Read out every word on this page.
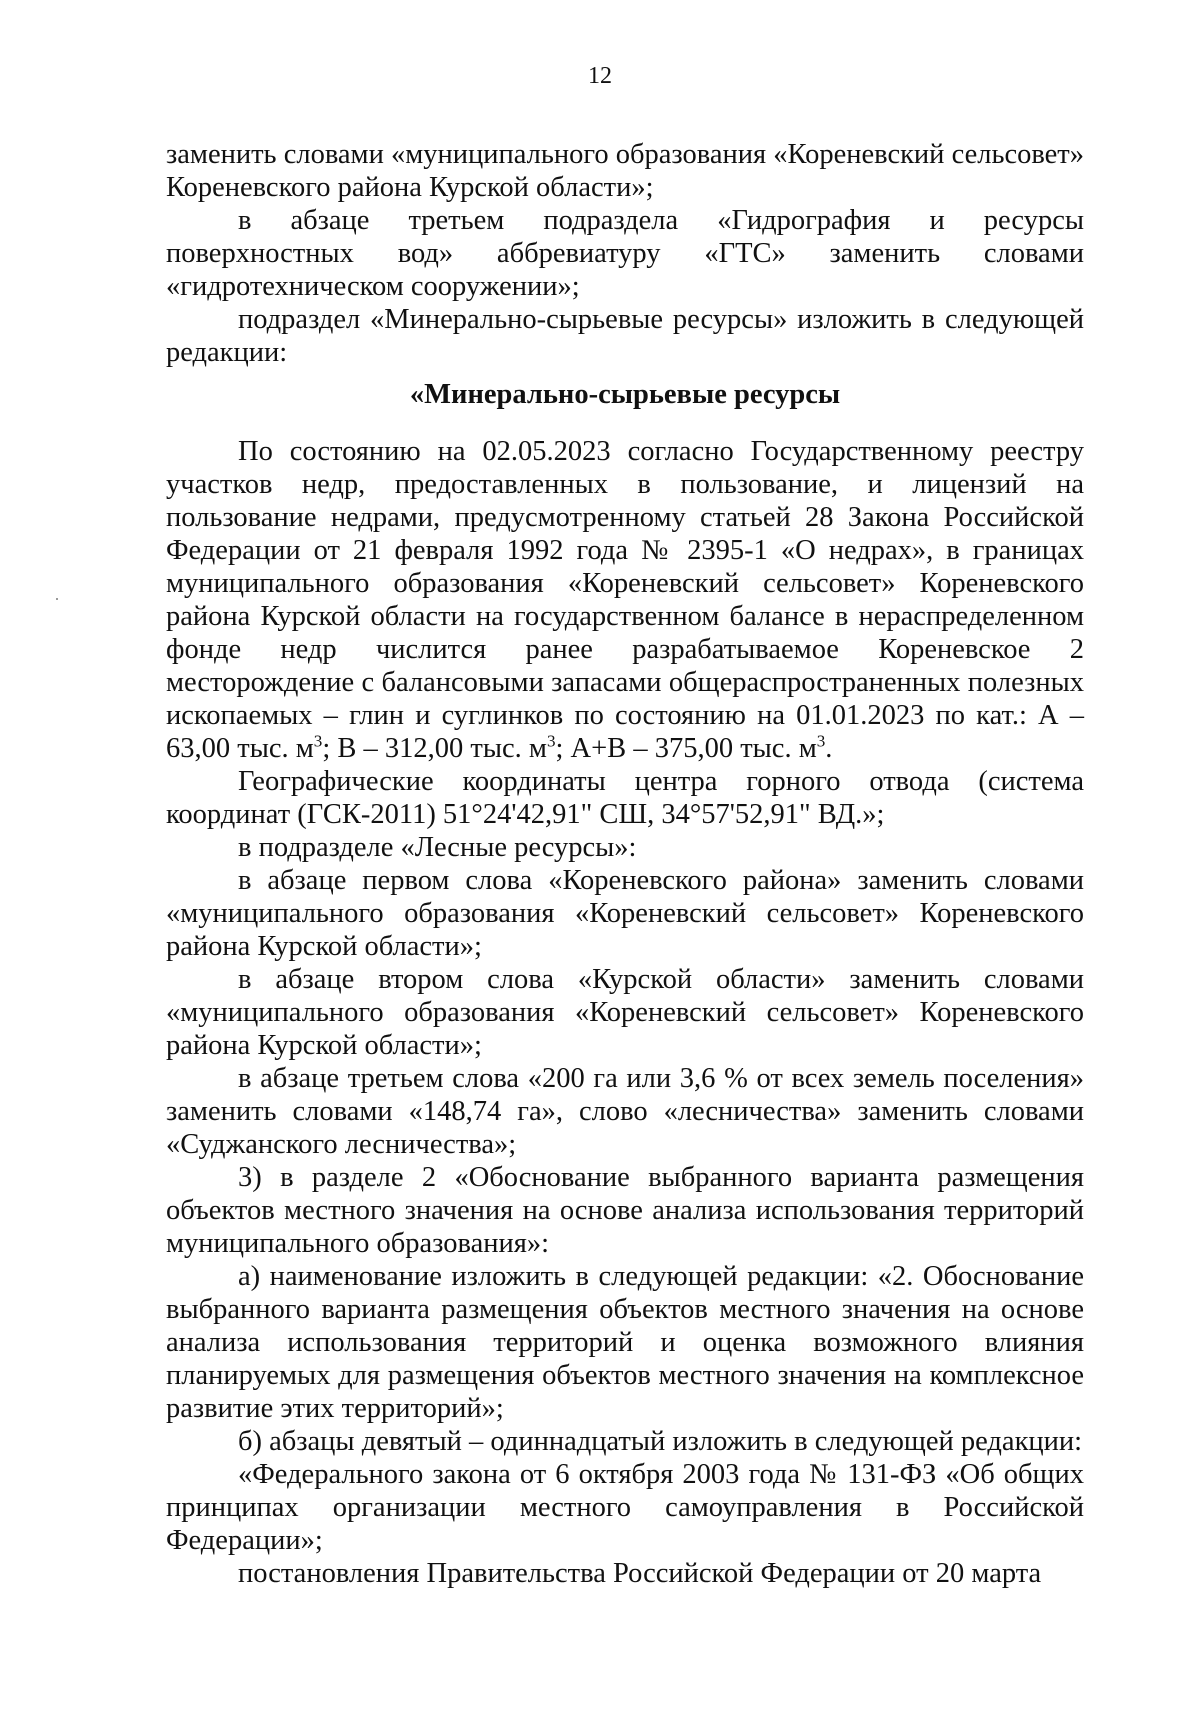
12

заменить словами «муниципального образования «Кореневский сельсовет» Кореневского района Курской области»;

в абзаце третьем подраздела «Гидрография и ресурсы поверхностных вод» аббревиатуру «ГТС» заменить словами «гидротехническом сооружении»;

подраздел «Минерально-сырьевые ресурсы» изложить в следующей редакции:

«Минерально-сырьевые ресурсы

По состоянию на 02.05.2023 согласно Государственному реестру участков недр, предоставленных в пользование, и лицензий на пользование недрами, предусмотренному статьей 28 Закона Российской Федерации от 21 февраля 1992 года № 2395-1 «О недрах», в границах муниципального образования «Кореневский сельсовет» Кореневского района Курской области на государственном балансе в нераспределенном фонде недр числится ранее разрабатываемое Кореневское 2 месторождение с балансовыми запасами общераспространенных полезных ископаемых – глин и суглинков по состоянию на 01.01.2023 по кат.: А – 63,00 тыс. $м^3$; В – 312,00 тыс. $м^3$; А+В – 375,00 тыс. $м^3$.

Географические координаты центра горного отвода (система координат (ГСК-2011) 51°24'42,91" СШ, 34°57'52,91" ВД.»;

в подразделе «Лесные ресурсы»:

в абзаце первом слова «Кореневского района» заменить словами «муниципального образования «Кореневский сельсовет» Кореневского района Курской области»;

в абзаце втором слова «Курской области» заменить словами «муниципального образования «Кореневский сельсовет» Кореневского района Курской области»;

в абзаце третьем слова «200 га или 3,6 % от всех земель поселения» заменить словами «148,74 га», слово «лесничества» заменить словами «Суджанского лесничества»;

3) в разделе 2 «Обоснование выбранного варианта размещения объектов местного значения на основе анализа использования территорий муниципального образования»:

а) наименование изложить в следующей редакции: «2. Обоснование выбранного варианта размещения объектов местного значения на основе анализа использования территорий и оценка возможного влияния планируемых для размещения объектов местного значения на комплексное развитие этих территорий»;

б) абзацы девятый – одиннадцатый изложить в следующей редакции:

«Федерального закона от 6 октября 2003 года № 131-ФЗ «Об общих принципах организации местного самоуправления в Российской Федерации»;

постановления Правительства Российской Федерации от 20 марта
